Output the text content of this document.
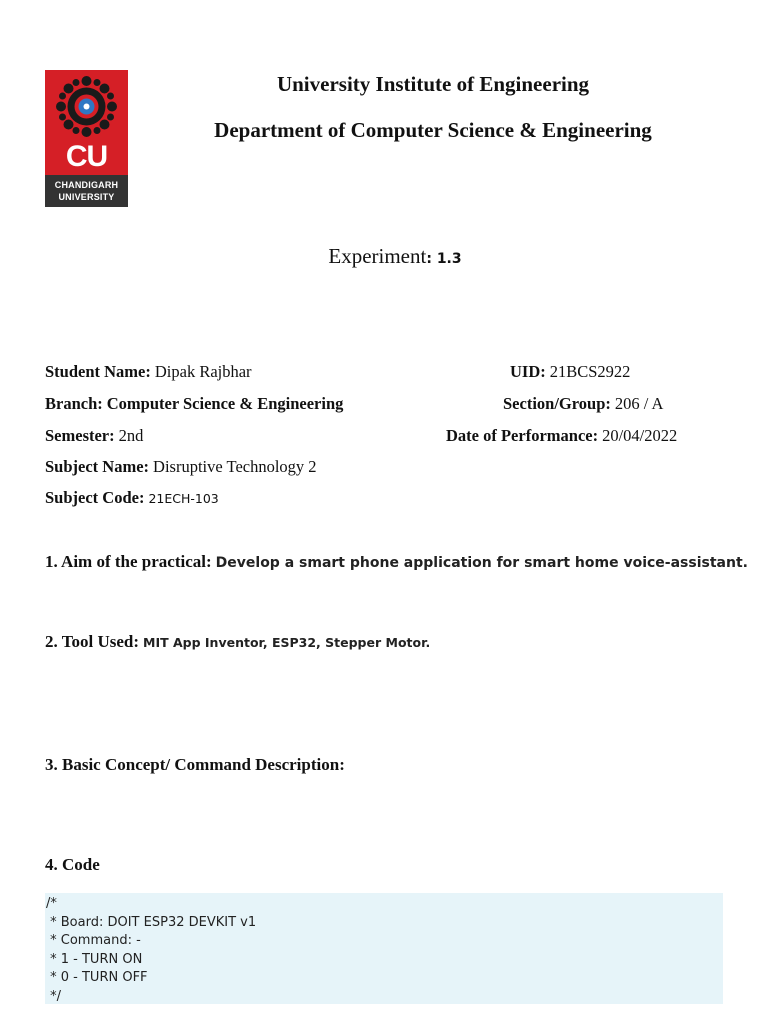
CU
CHANDIGARH
UNIVERSITY
University Institute of Engineering
Department of Computer Science & Engineering
Experiment: 1.3
Student Name: Dipak Rajbhar
Branch: Computer Science & Engineering
Semester: 2nd
Subject Name: Disruptive Technology 2
Subject Code: 21ECH-103
UID: 21BCS2922
Section/Group: 206 / A
Date of Performance: 20/04/2022
1. Aim of the practical: Develop a smart phone application for smart home voice-assistant.
2. Tool Used: MIT App Inventor, ESP32, Stepper Motor.
3. Basic Concept/ Command Description:
4. Code
/*
* Board: DOIT ESP32 DEVKIT v1
* Command: -
* 1 - TURN ON
* 0 - TURN OFF
*/
